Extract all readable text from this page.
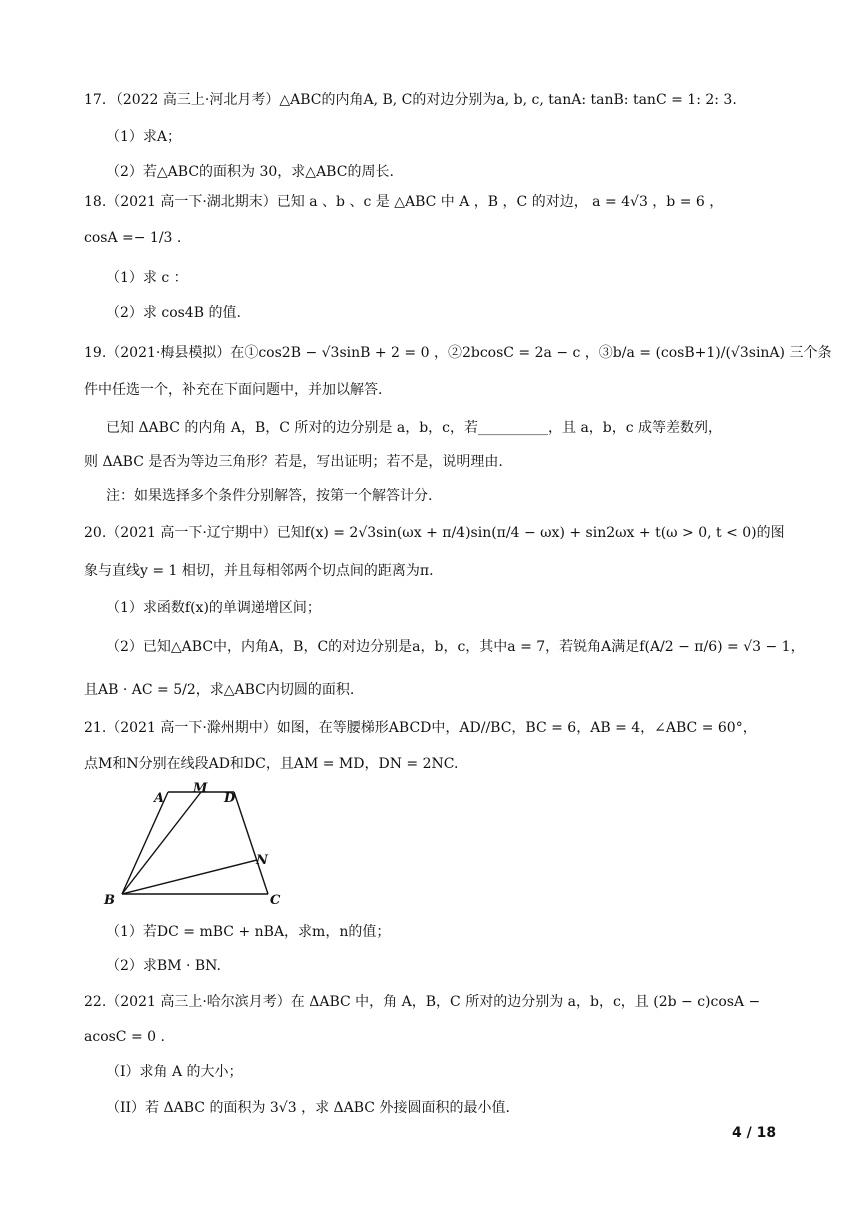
17．（2022 高三上·河北月考）△ABC的内角A, B, C的对边分别为a, b, c, tanA: tanB: tanC = 1: 2: 3.
（1）求A；
（2）若△ABC的面积为 30，求△ABC的周长.
18.（2021 高一下·湖北期末）已知 a 、b 、c 是 △ABC 中 A ，B ，C 的对边， a = 4√3 ，b = 6 ，
cosA =− 1/3 .
（1）求 c ：
（2）求 cos4B 的值.
19.（2021·梅县模拟）在①cos2B − √3sinB + 2 = 0 ，②2bcosC = 2a − c ，③b/a = (cosB+1)/(√3sinA) 三个条
件中任选一个，补充在下面问题中，并加以解答.
已知 ΔABC 的内角 A，B，C 所对的边分别是 a，b，c，若__________，且 a，b，c 成等差数列，
则 ΔABC 是否为等边三角形？若是，写出证明；若不是，说明理由.
注：如果选择多个条件分别解答，按第一个解答计分.
20.（2021 高一下·辽宁期中）已知f(x) = 2√3sin(ωx + π/4)sin(π/4 − ωx) + sin2ωx + t(ω > 0, t < 0)的图
象与直线y = 1 相切，并且每相邻两个切点间的距离为π.
（1）求函数f(x)的单调递增区间；
（2）已知△ABC中，内角A，B，C的对边分别是a，b，c，其中a = 7，若锐角A满足f(A/2 − π/6) = √3 − 1，
且AB · AC = 5/2，求△ABC内切圆的面积.
21.（2021 高一下·滁州期中）如图，在等腰梯形ABCD中，AD//BC，BC = 6，AB = 4，∠ABC = 60°，
点M和N分别在线段AD和DC，且AM = MD，DN = 2NC.
A
M
D
N
B	C
（1）若DC = mBC + nBA，求m，n的值；
（2）求BM · BN.
22.（2021 高三上·哈尔滨月考）在 ΔABC 中，角 A，B，C 所对的边分别为 a，b，c，且 (2b − c)cosA −
acosC = 0 .
（I）求角 A 的大小；
（II）若 ΔABC 的面积为 3√3 ，求 ΔABC 外接圆面积的最小值.
4 / 18
